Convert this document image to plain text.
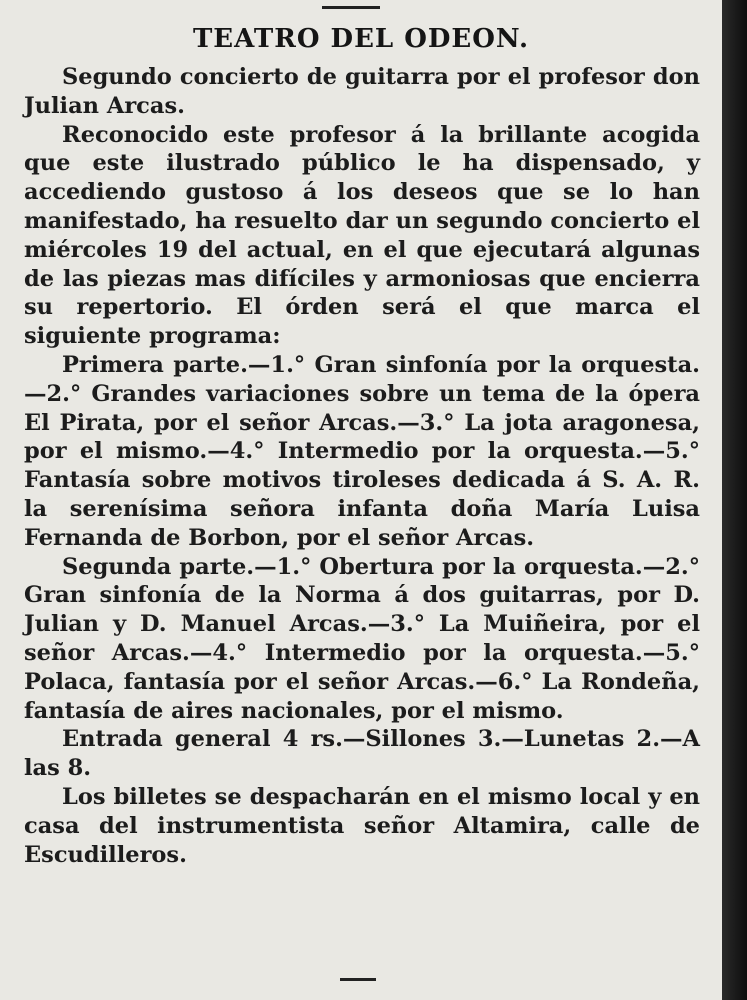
TEATRO DEL ODEON.

Segundo concierto de guitarra por el profesor don Julian Arcas.

Reconocido este profesor á la brillante acogida que este ilustrado público le ha dispensado, y accediendo gustoso á los deseos que se lo han manifestado, ha resuelto dar un segundo concierto el miércoles 19 del actual, en el que ejecutará algunas de las piezas mas difíciles y armoniosas que encierra su repertorio. El órden será el que marca el siguiente programa:

Primera parte.—1.° Gran sinfonía por la orquesta.—2.° Grandes variaciones sobre un tema de la ópera El Pirata, por el señor Arcas.—3.° La jota aragonesa, por el mismo.—4.° Intermedio por la orquesta.—5.° Fantasía sobre motivos tiroleses dedicada á S. A. R. la serenísima señora infanta doña María Luisa Fernanda de Borbon, por el señor Arcas.

Segunda parte.—1.° Obertura por la orquesta.—2.° Gran sinfonía de la Norma á dos guitarras, por D. Julian y D. Manuel Arcas.—3.° La Muiñeira, por el señor Arcas.—4.° Intermedio por la orquesta.—5.° Polaca, fantasía por el señor Arcas.—6.° La Rondeña, fantasía de aires nacionales, por el mismo.

Entrada general 4 rs.—Sillones 3.—Lunetas 2.—A las 8.

Los billetes se despacharán en el mismo local y en casa del instrumentista señor Altamira, calle de Escudilleros.
